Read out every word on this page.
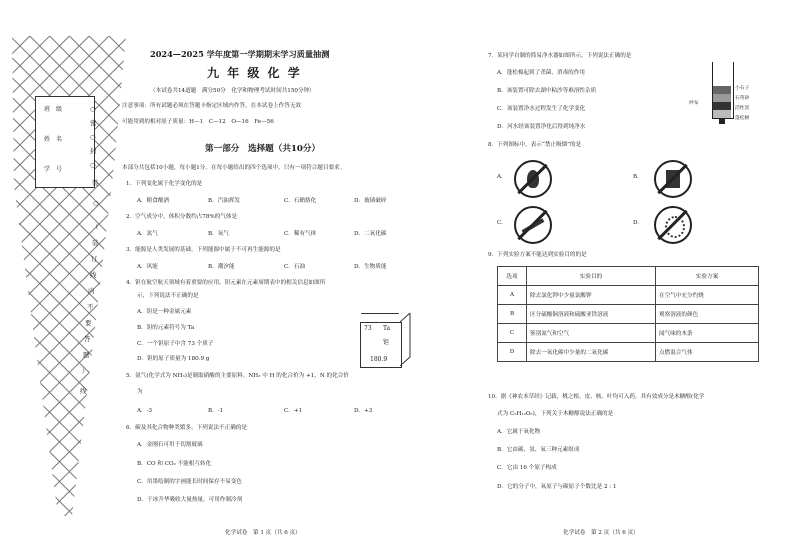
班　级
姓　名
学　号
○
密
○
封
○
装
○
（
装
订
线
内
不
要
答
题
）
线
2024—2025 学年度第一学期期末学习质量抽测
九 年 级 化 学
（本试卷共14道题　满分50分　化学和物理考试时间共150分钟）
注意事项：所有试题必须在答题卡指定区域内作答，在本试卷上作答无效
可能用到的相对原子质量：H—1　C—12　O—16　Fe—56
第一部分　选择题（共10分）
本部分共包括10小题，每小题1分。在每小题给出的四个选项中，只有一项符合题目要求。
1．下列变化属于化学变化的是
A．粮食酿酒	B．汽油挥发	C．石蜡熔化	D．玻璃破碎
2．空气成分中，体积分数约占78%的气体是
A．氮气	B．氧气	C．稀有气体	D．二氧化碳
3．能源是人类发展的基础，下列能源中属于不可再生能源的是
A．风能	B．潮汐能	C．石油	D．生物质能
4．钽在航空航天领域有着重要的应用，钽元素在元素周期表中的相关信息如图所
示，下列说法不正确的是
A．钽是一种金属元素
B．钽的元素符号为 Ta
C．一个钽原子中含 73 个质子
D．钽的原子质量为 180.9 g
73 Ta
钽
180.9
5．氨气(化学式为 NH₃)是制取硝酸的主要原料。NH₃ 中 H 的化合价为 +1，N 的化合价
为
A．-3	B．-1	C．+1	D．+3
6．碳及其化合物种类繁多，下列说法不正确的是
A．金刚石可用于切割玻璃
B．CO 和 CO₂ 不能相互转化
C．用墨绘制的字画能长时间保存不易变色
D．干冰升华吸收大量热量，可用作制冷剂
化学试卷　第 1 页（共 6 页）
7．某同学自制的简易净水器如图所示，下列说法正确的是
A．蓬松棉起到了杀菌、消毒的作用
B．该装置可除去湖中粘沙等难溶性杂质
C．该装置净水过程发生了化学变化
D．河水经该装置净化后得到纯净水
纱布
小石子
石英砂
活性炭
蓬松棉
8．下列图标中，表示“禁止吸烟”的是
A.
C.
B.
D.
9．下列实验方案不能达到实验目的的是
选项	实验目的	实验方案
A	除去氯化钾中少量氯酸钾	在空气中充分灼烧
B	区分硫酸铜溶液和硫酸亚铁溶液	观察溶液的颜色
C	鉴别氮气和空气	闻气味的木条
D	除去一氧化碳中少量的二氧化碳	点燃混合气体
10．据《神农本草经》记载，桃之根、皮、核、叶均可入药，其有效成分是木糖醇(化学
式为 C₅H₁₂O₅)，下列关于木糖醇说法正确的是
A．它属于氧化物
B．它由碳、氢、氧三种元素组成
C．它由 16 个原子构成
D．它的分子中，氧原子与碳原子个数比是 2 : 1
化学试卷　第 2 页（共 6 页）
